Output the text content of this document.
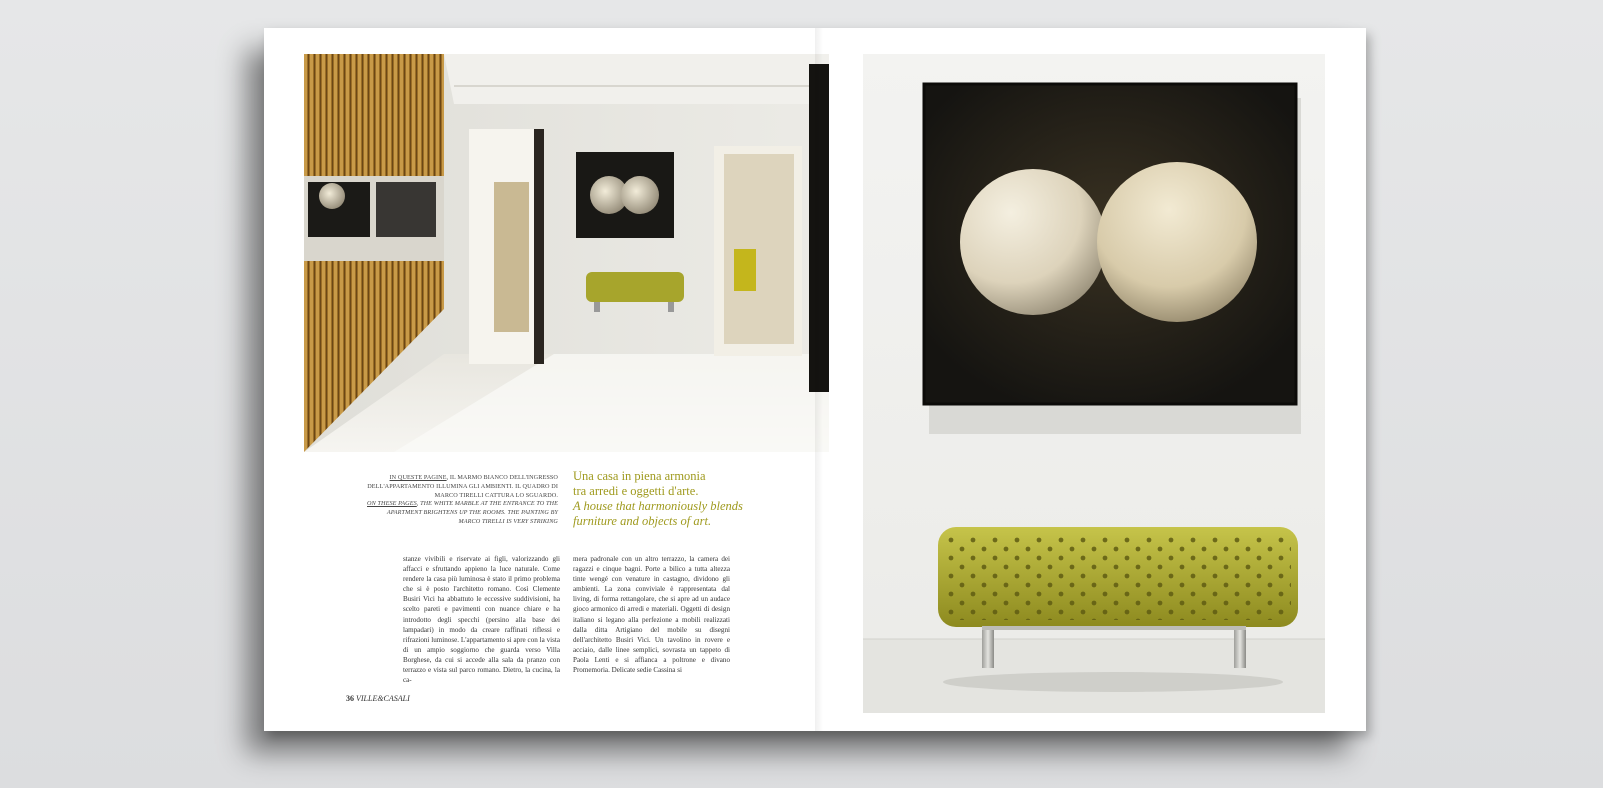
IN QUESTE PAGINE, IL MARMO BIANCO DELL'INGRESSO DELL'APPARTAMENTO ILLUMINA GLI AMBIENTI. IL QUADRO DI MARCO TIRELLI CATTURA LO SGUARDO.
ON THESE PAGES, THE WHITE MARBLE AT THE ENTRANCE TO THE APARTMENT BRIGHTENS UP THE ROOMS. THE PAINTING BY MARCO TIRELLI IS VERY STRIKING
Una casa in piena armonia
tra arredi e oggetti d'arte.
A house that harmoniously blends
furniture and objects of art.
stanze vivibili e riservate ai figli, valorizzando gli affacci e sfruttando appieno la luce naturale. Come rendere la casa più luminosa è stato il primo problema che si è posto l'architetto romano. Così Clemente Busiri Vici ha abbattuto le eccessive suddivisioni, ha scelto pareti e pavimenti con nuance chiare e ha introdotto degli specchi (persino alla base dei lampadari) in modo da creare raffinati riflessi e rifrazioni luminose. L'appartamento si apre con la vista di un ampio soggiorno che guarda verso Villa Borghese, da cui si accede alla sala da pranzo con terrazzo e vista sul parco romano. Dietro, la cucina, la ca-
mera padronale con un altro terrazzo, la camera dei ragazzi e cinque bagni. Porte a bilico a tutta altezza tinte wengé con venature in castagno, dividono gli ambienti. La zona conviviale è rappresentata dal living, di forma rettangolare, che si apre ad un audace gioco armonico di arredi e materiali. Oggetti di design italiano si legano alla perfezione a mobili realizzati dalla ditta Artigiano del mobile su disegni dell'architetto Busiri Vici. Un tavolino in rovere e acciaio, dalle linee semplici, sovrasta un tappeto di Paola Lenti e si affianca a poltrone e divano Promemoria. Delicate sedie Cassina si
36 VILLE&CASALI
